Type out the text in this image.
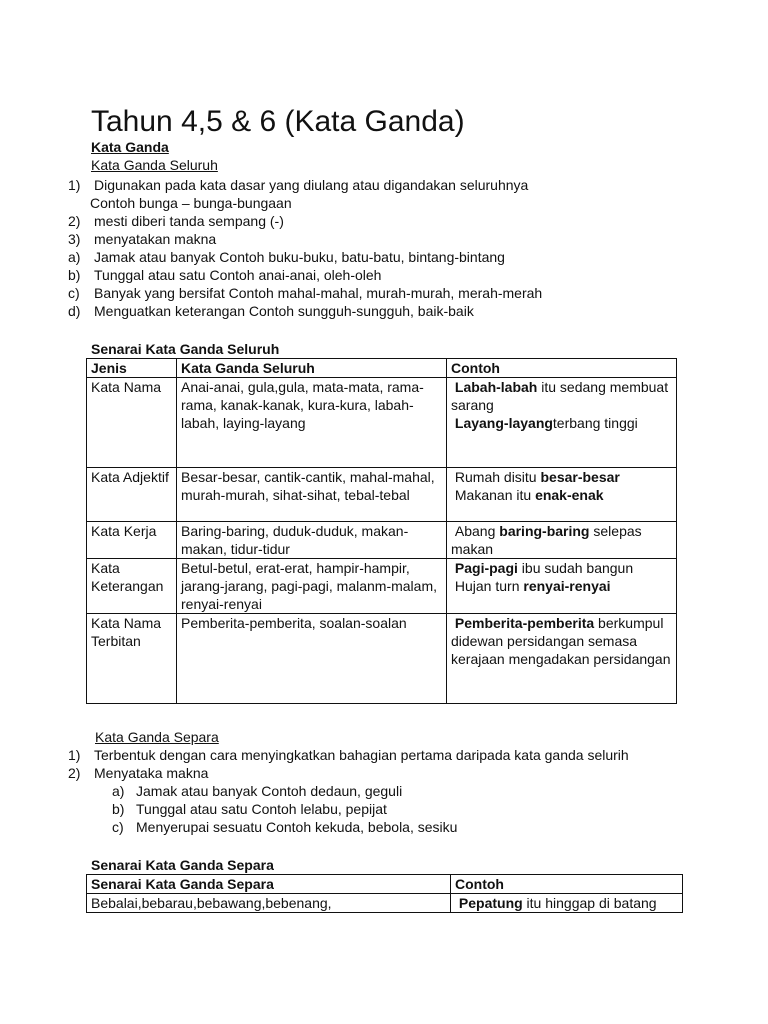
Tahun 4,5 & 6 (Kata Ganda)
Kata Ganda
Kata Ganda Seluruh
1) Digunakan pada kata dasar yang diulang atau digandakan seluruhnya
Contoh bunga – bunga-bungaan
2) mesti diberi tanda sempang (-)
3) menyatakan makna
a) Jamak atau banyak Contoh buku-buku, batu-batu, bintang-bintang
b) Tunggal atau satu Contoh anai-anai, oleh-oleh
c) Banyak yang bersifat Contoh mahal-mahal, murah-murah, merah-merah
d) Menguatkan keterangan Contoh sungguh-sungguh, baik-baik
Senarai Kata Ganda Seluruh
Jenis	Kata Ganda Seluruh	Contoh
Kata Nama	Anai-anai, gula,gula, mata-mata, rama-rama, kanak-kanak, kura-kura, labah-labah, laying-layang	Labah-labah itu sedang membuat sarang

Layang-layangterbang tinggi

Kata Adjektif	Besar-besar, cantik-cantik, mahal-mahal, murah-murah, sihat-sihat, tebal-tebal	Rumah disitu besar-besar

Makanan itu enak-enak

Kata Kerja	Baring-baring, duduk-duduk, makan-makan, tidur-tidur	Abang baring-baring selepas makan

Kata Keterangan	Betul-betul, erat-erat, hampir-hampir, jarang-jarang, pagi-pagi, malanm-malam, renyai-renyai	Pagi-pagi ibu sudah bangun

Hujan turn renyai-renyai

Kata Nama Terbitan	Pemberita-pemberita, soalan-soalan	Pemberita-pemberita berkumpul didewan persidangan semasa kerajaan mengadakan persidangan

Kata Ganda Separa
1) Terbentuk dengan cara menyingkatkan bahagian pertama daripada kata ganda selurih
2) Menyataka makna
a) Jamak atau banyak Contoh dedaun, geguli
b) Tunggal atau satu Contoh lelabu, pepijat
c) Menyerupai sesuatu Contoh kekuda, bebola, sesiku
Senarai Kata Ganda Separa
Senarai Kata Ganda Separa	Contoh
Bebalai,bebarau,bebawang,bebenang,	Pepatung itu hinggap di batang
